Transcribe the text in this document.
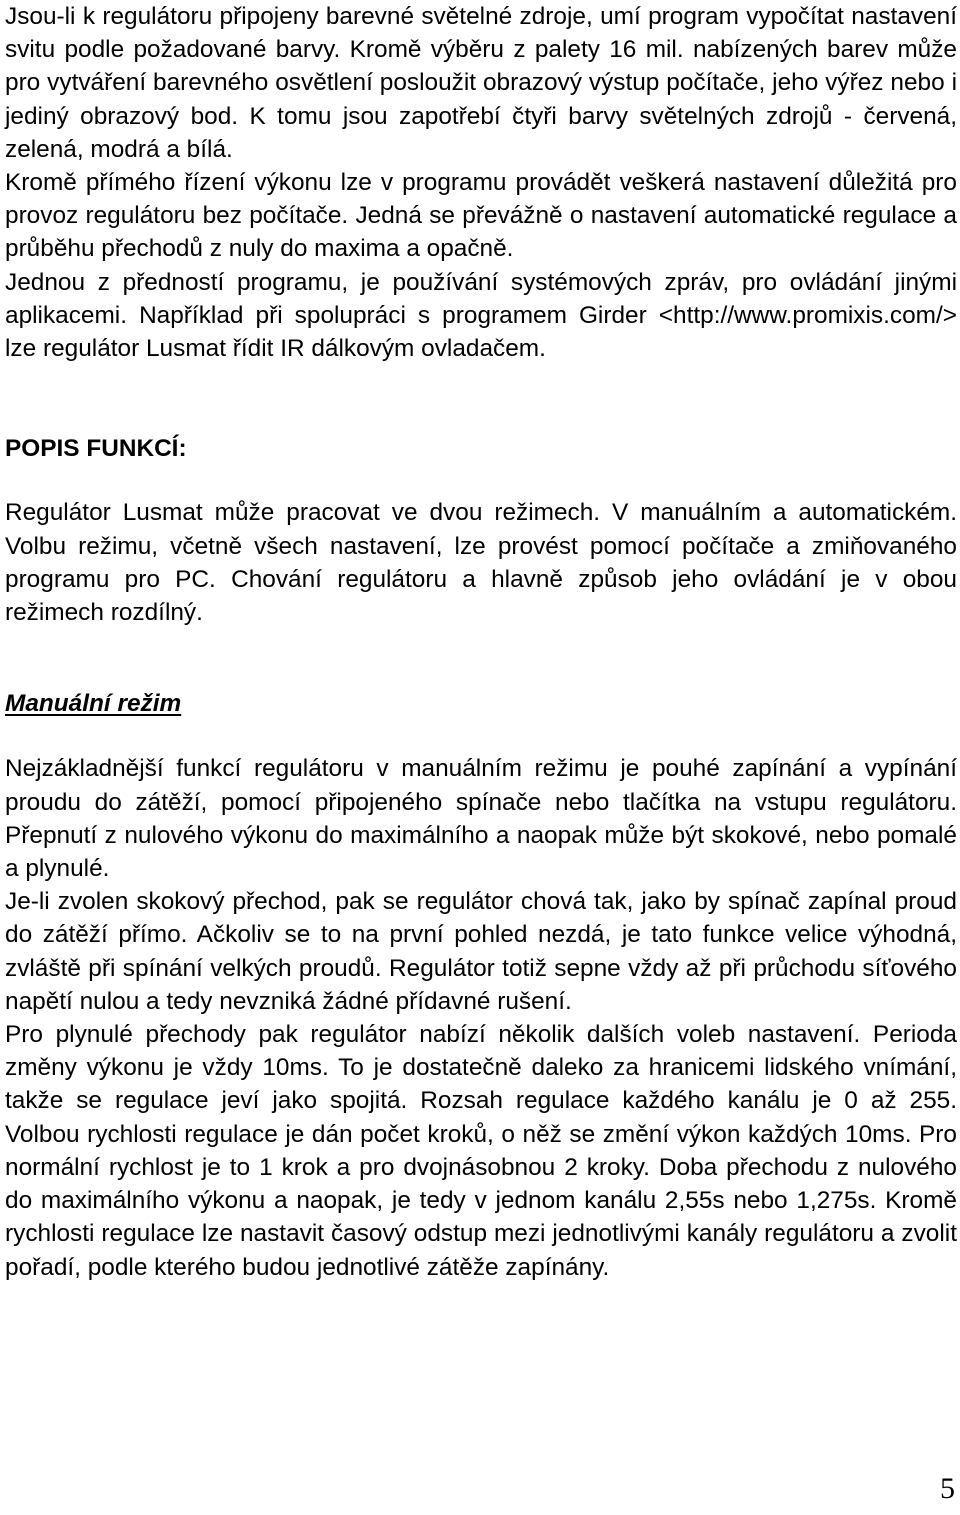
Jsou-li k regulátoru připojeny barevné světelné zdroje, umí program vypočítat nastavení svitu podle požadované barvy. Kromě výběru z palety 16 mil. nabízených barev může pro vytváření barevného osvětlení posloužit obrazový výstup počítače, jeho výřez nebo i jediný obrazový bod. K tomu jsou zapotřebí čtyři barvy světelných zdrojů - červená, zelená, modrá a bílá.

Kromě přímého řízení výkonu lze v programu provádět veškerá nastavení důležitá pro provoz regulátoru bez počítače. Jedná se převážně o nastavení automatické regulace a průběhu přechodů z nuly do maxima a opačně.

Jednou z předností programu, je používání systémových zpráv, pro ovládání jinými aplikacemi. Například při spolupráci s programem Girder <http://www.promixis.com/> lze regulátor Lusmat řídit IR dálkovým ovladačem.

POPIS FUNKCÍ:

Regulátor Lusmat může pracovat ve dvou režimech. V manuálním a automatickém. Volbu režimu, včetně všech nastavení, lze provést pomocí počítače a zmiňovaného programu pro PC. Chování regulátoru a hlavně způsob jeho ovládání je v obou režimech rozdílný.

Manuální režim

Nejzákladnější funkcí regulátoru v manuálním režimu je pouhé zapínání a vypínání proudu do zátěží, pomocí připojeného spínače nebo tlačítka na vstupu regulátoru. Přepnutí z nulového výkonu do maximálního a naopak může být skokové, nebo pomalé a plynulé.

Je-li zvolen skokový přechod, pak se regulátor chová tak, jako by spínač zapínal proud do zátěží přímo. Ačkoliv se to na první pohled nezdá, je tato funkce velice výhodná, zvláště při spínání velkých proudů. Regulátor totiž sepne vždy až při průchodu síťového napětí nulou a tedy nevzniká žádné přídavné rušení.

Pro plynulé přechody pak regulátor nabízí několik dalších voleb nastavení. Perioda změny výkonu je vždy 10ms. To je dostatečně daleko za hranicemi lidského vnímání, takže se regulace jeví jako spojitá. Rozsah regulace každého kanálu je 0 až 255. Volbou rychlosti regulace je dán počet kroků, o něž se změní výkon každých 10ms. Pro normální rychlost je to 1 krok a pro dvojnásobnou 2 kroky. Doba přechodu z nulového do maximálního výkonu a naopak, je tedy v jednom kanálu 2,55s nebo 1,275s. Kromě rychlosti regulace lze nastavit časový odstup mezi jednotlivými kanály regulátoru a zvolit pořadí, podle kterého budou jednotlivé zátěže zapínány.

5
